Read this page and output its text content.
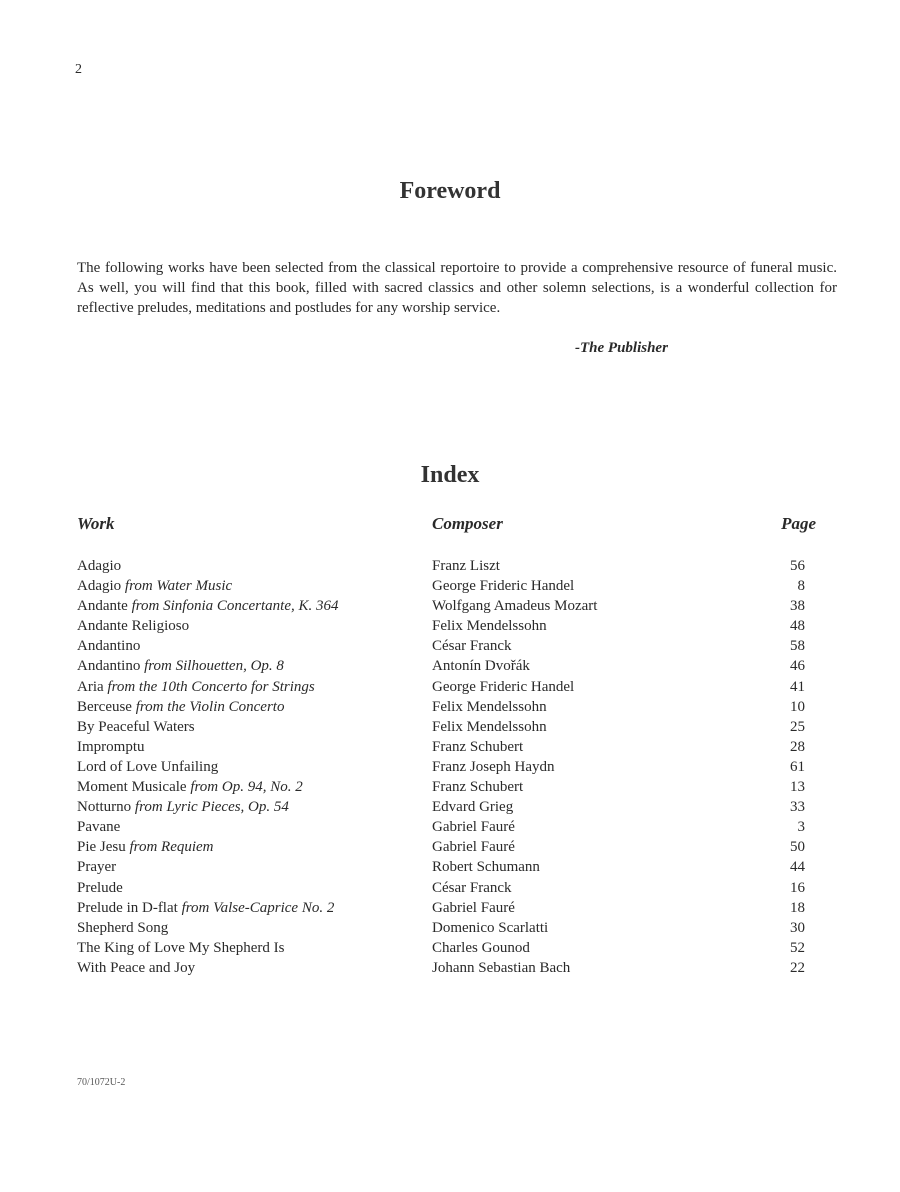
2
Foreword
The following works have been selected from the classical reportoire to provide a comprehensive resource of funeral music. As well, you will find that this book, filled with sacred classics and other solemn selections, is a wonderful collection for reflective preludes, meditations and postludes for any worship service.
-The Publisher
Index
Work	Composer	Page
Adagio	Franz Liszt	56
Adagio from Water Music	George Frideric Handel	8
Andante from Sinfonia Concertante, K. 364	Wolfgang Amadeus Mozart	38
Andante Religioso	Felix Mendelssohn	48
Andantino	César Franck	58
Andantino from Silhouetten, Op. 8	Antonín Dvořák	46
Aria from the 10th Concerto for Strings	George Frideric Handel	41
Berceuse from the Violin Concerto	Felix Mendelssohn	10
By Peaceful Waters	Felix Mendelssohn	25
Impromptu	Franz Schubert	28
Lord of Love Unfailing	Franz Joseph Haydn	61
Moment Musicale from Op. 94, No. 2	Franz Schubert	13
Notturno from Lyric Pieces, Op. 54	Edvard Grieg	33
Pavane	Gabriel Fauré	3
Pie Jesu from Requiem	Gabriel Fauré	50
Prayer	Robert Schumann	44
Prelude	César Franck	16
Prelude in D-flat from Valse-Caprice No. 2	Gabriel Fauré	18
Shepherd Song	Domenico Scarlatti	30
The King of Love My Shepherd Is	Charles Gounod	52
With Peace and Joy	Johann Sebastian Bach	22
70/1072U-2
